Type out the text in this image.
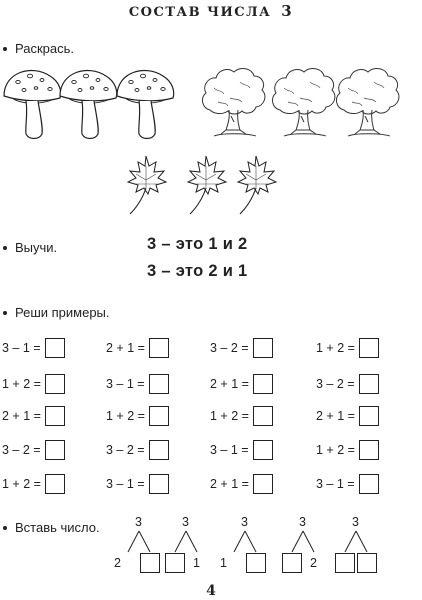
СОСТАВ ЧИСЛА 3
Раскрась.
Выучи.	3 – это 1 и 2
3 – это 2 и 1
Реши примеры.
3 – 1 =	2 + 1 =	3 – 2 =	1 + 2 =
1 + 2 =	3 – 1 =	2 + 1 =	3 – 2 =
2 + 1 =	1 + 2 =	1 + 2 =	2 + 1 =
3 – 2 =	3 – 2 =	3 – 1 =	1 + 2 =
1 + 2 =	3 – 1 =	2 + 1 =	3 – 1 =
Вставь число.	3
2
3
1
3
1
3
2
3
4
